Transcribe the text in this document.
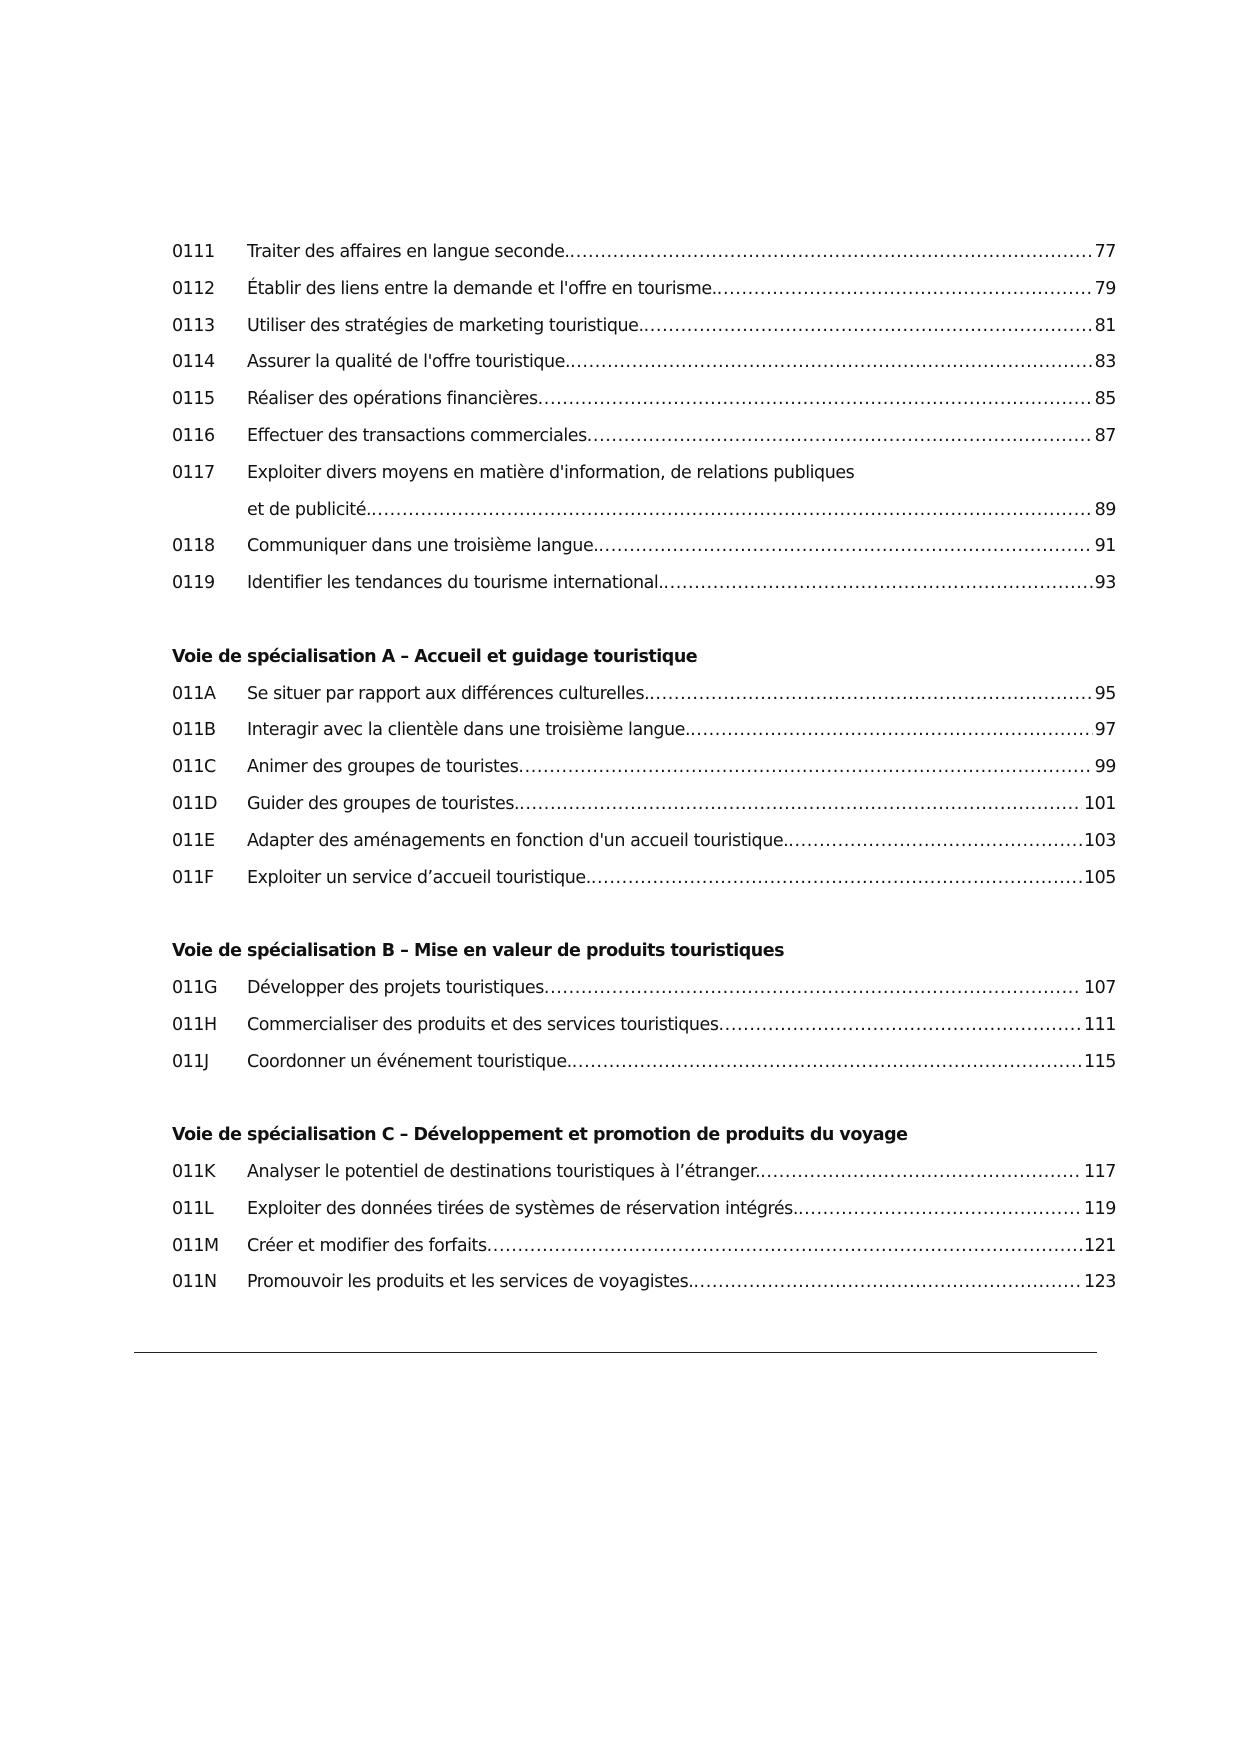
0111	Traiter des affaires en langue seconde. .....	77
0112	Établir des liens entre la demande et l'offre en tourisme. .....	79
0113	Utiliser des stratégies de marketing touristique. .....	81
0114	Assurer la qualité de l'offre touristique. .....	83
0115	Réaliser des opérations financières .....	85
0116	Effectuer des transactions commerciales .....	87
0117	Exploiter divers moyens en matière d'information, de relations publiques
et de publicité. .....	89
0118	Communiquer dans une troisième langue. .....	91
0119	Identifier les tendances du tourisme international. .....	93
Voie de spécialisation A – Accueil et guidage touristique
011A	Se situer par rapport aux différences culturelles. .....	95
011B	Interagir avec la clientèle dans une troisième langue. .....	97
011C	Animer des groupes de touristes .....	99
011D	Guider des groupes de touristes. .....	101
011E	Adapter des aménagements en fonction d'un accueil touristique. .....	103
011F	Exploiter un service d’accueil touristique. .....	105
Voie de spécialisation B – Mise en valeur de produits touristiques
011G	Développer des projets touristiques .....	107
011H	Commercialiser des produits et des services touristiques .....	111
011J	Coordonner un événement touristique. .....	115
Voie de spécialisation C – Développement et promotion de produits du voyage
011K	Analyser le potentiel de destinations touristiques à l’étranger. .....	117
011L	Exploiter des données tirées de systèmes de réservation intégrés. .....	119
011M	Créer et modifier des forfaits .....	121
011N	Promouvoir les produits et les services de voyagistes. .....	123
